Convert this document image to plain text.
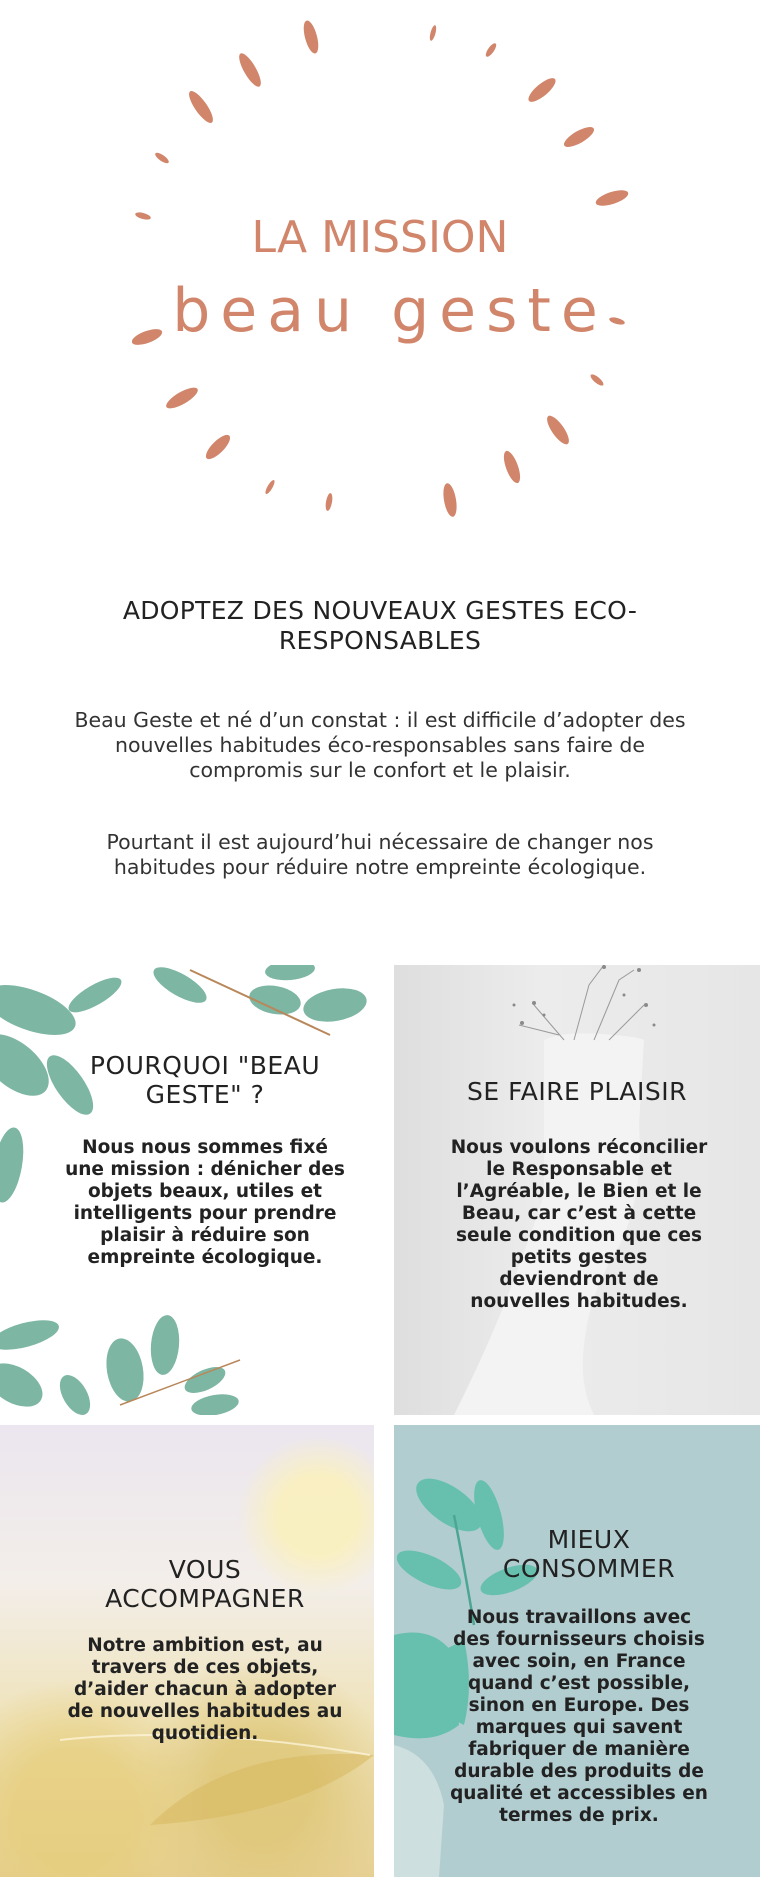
LA MISSION
beau geste
ADOPTEZ DES NOUVEAUX GESTES ECO-RESPONSABLES

Beau Geste et né d’un constat : il est difficile d’adopter des nouvelles habitudes éco-responsables sans faire de compromis sur le confort et le plaisir.

Pourtant il est aujourd’hui nécessaire de changer nos habitudes pour réduire notre empreinte écologique.

POURQUOI "BEAU GESTE" ?
Nous nous sommes fixé une mission : dénicher des objets beaux, utiles et intelligents pour prendre plaisir à réduire son empreinte écologique.
SE FAIRE PLAISIR
Nous voulons réconcilier le Responsable et l’Agréable, le Bien et le Beau, car c’est à cette seule condition que ces petits gestes deviendront de nouvelles habitudes.
VOUS ACCOMPAGNER
Notre ambition est, au travers de ces objets, d’aider chacun à adopter de nouvelles habitudes au quotidien.
MIEUX CONSOMMER
Nous travaillons avec des fournisseurs choisis avec soin, en France quand c’est possible, sinon en Europe. Des marques qui savent fabriquer de manière durable des produits de qualité et accessibles en termes de prix.
